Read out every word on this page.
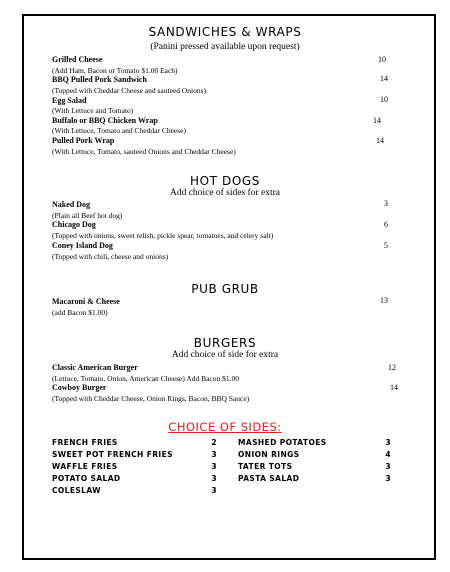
SANDWICHES & WRAPS
(Panini pressed available upon request)
Grilled Cheese	10
(Add Ham, Bacon or Tomato $1.00 Each)
BBQ Pulled Pork Sandwich	14
(Topped with Cheddar Cheese and sauteed Onions)
Egg Salad	10
(With Lettuce and Tomato)
Buffalo or BBQ Chicken Wrap	14
(With Lettuce, Tomato and Cheddar Cheese)
Pulled Pork Wrap	14
(With Lettuce, Tomato, sauteed Onions and Cheddar Cheese)
HOT DOGS
Add choice of sides for extra
Naked Dog	3
(Plain all Beef hot dog)
Chicago Dog	6
(Topped with onions, sweet relish, pickle spear, tomatoes, and celery salt)
Coney Island Dog	5
(Topped with chili, cheese and onions)
PUB GRUB
Macaroni & Cheese	13
(add Bacon $1.00)
BURGERS
Add choice of side for extra
Classic American Burger	12
(Lettuce, Tomato, Onion, American Cheese) Add Bacon $1.00
Cowboy Burger	14
(Topped with Cheddar Cheese, Onion Rings, Bacon, BBQ Sauce)
CHOICE OF SIDES:
FRENCH FRIES	2
SWEET POT FRENCH FRIES	3
WAFFLE FRIES	3
POTATO SALAD	3
COLESLAW	3
MASHED POTATOES	3
ONION RINGS	4
TATER TOTS	3
PASTA SALAD	3
